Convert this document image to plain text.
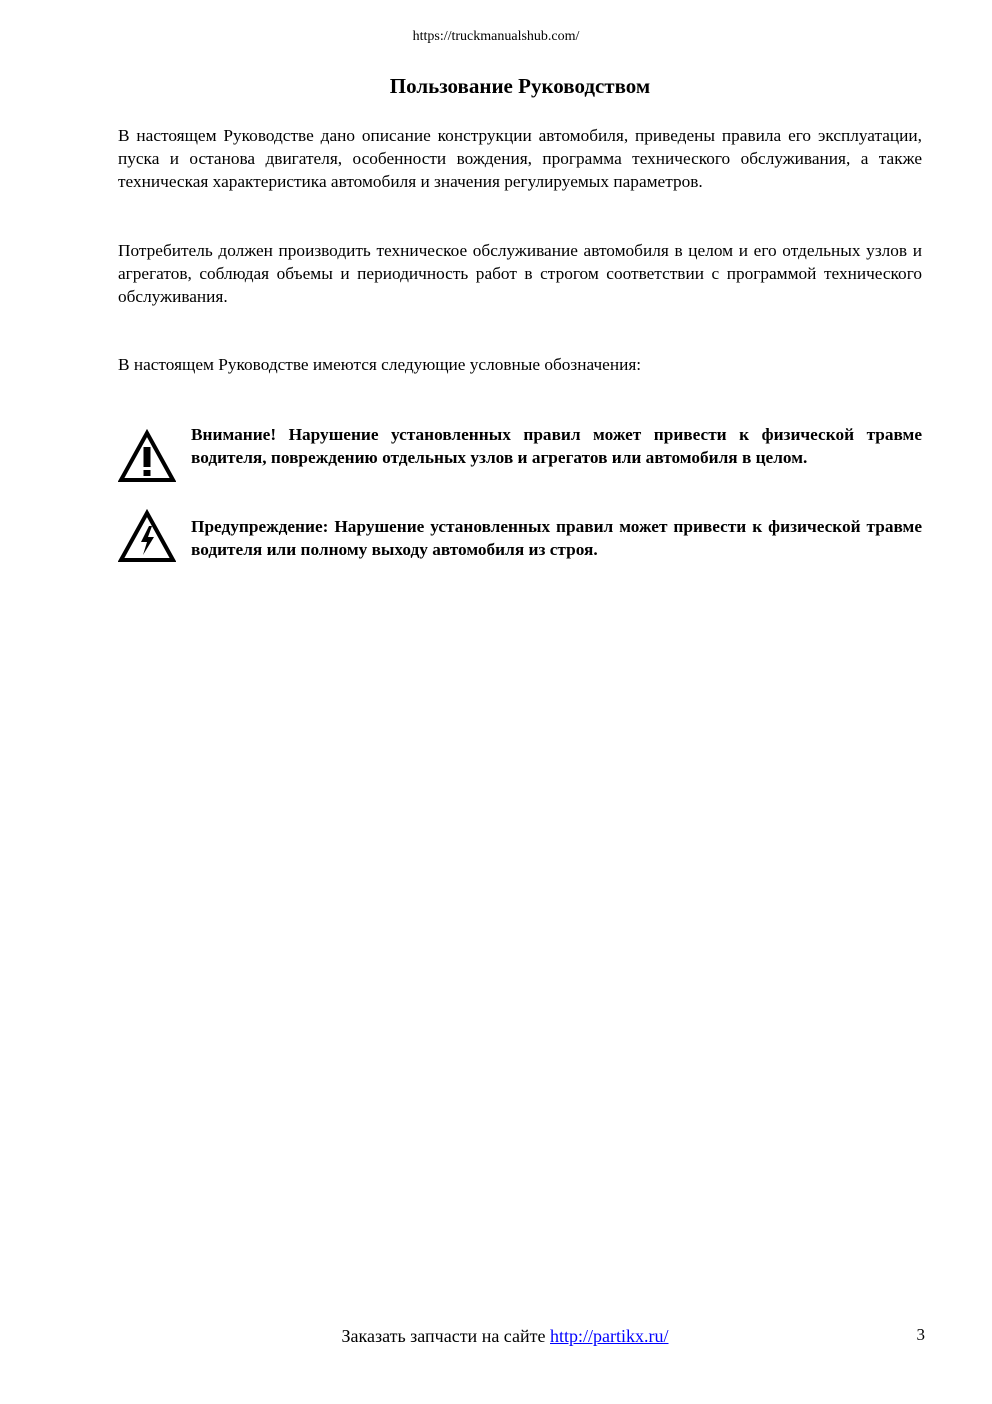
https://truckmanualshub.com/
Пользование Руководством

В настоящем Руководстве дано описание конструкции автомобиля, приведены правила его эксплуатации, пуска и останова двигателя, особенности вождения, программа технического обслуживания, а также техническая характеристика автомобиля и значения регулируемых параметров.

Потребитель должен производить техническое обслуживание автомобиля в целом и его отдельных узлов и агрегатов, соблюдая объемы и периодичность работ в строгом соответствии с программой технического обслуживания.

В настоящем Руководстве имеются следующие условные обозначения:

Внимание! Нарушение установленных правил может привести к физической травме водителя, повреждению отдельных узлов и агрегатов или автомобиля в целом.

Предупреждение: Нарушение установленных правил может привести к физической травме водителя или полному выходу автомобиля из строя.

Заказать запчасти на сайте http://partikx.ru/	3
